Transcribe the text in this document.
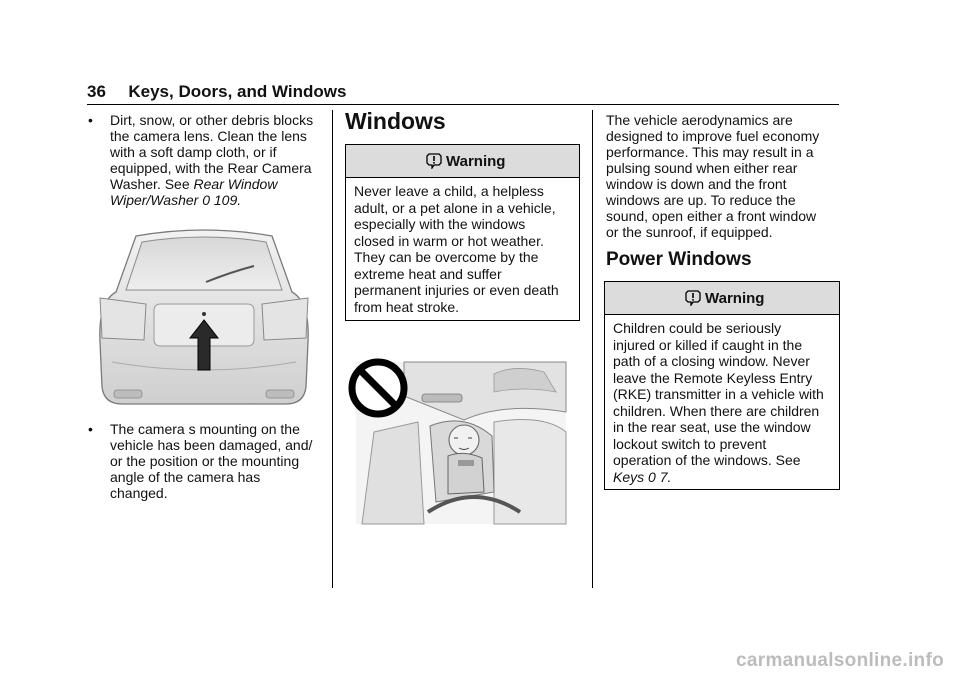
36 Keys, Doors, and Windows
• Dirt, snow, or other debris blocks
the camera lens. Clean the lens
with a soft damp cloth, or if
equipped, with the Rear Camera
Washer. See Rear Window
Wiper/Washer 0 109.
• The camera s mounting on the
vehicle has been damaged, and/
or the position or the mounting
angle of the camera has
changed.
Windows
Warning
Never leave a child, a helpless
adult, or a pet alone in a vehicle,
especially with the windows
closed in warm or hot weather.
They can be overcome by the
extreme heat and suffer
permanent injuries or even death
from heat stroke.
The vehicle aerodynamics are
designed to improve fuel economy
performance. This may result in a
pulsing sound when either rear
window is down and the front
windows are up. To reduce the
sound, open either a front window
or the sunroof, if equipped.
Power Windows
Warning
Children could be seriously
injured or killed if caught in the
path of a closing window. Never
leave the Remote Keyless Entry
(RKE) transmitter in a vehicle with
children. When there are children
in the rear seat, use the window
lockout switch to prevent
operation of the windows. See
Keys 0 7.
carmanualsonline.info
